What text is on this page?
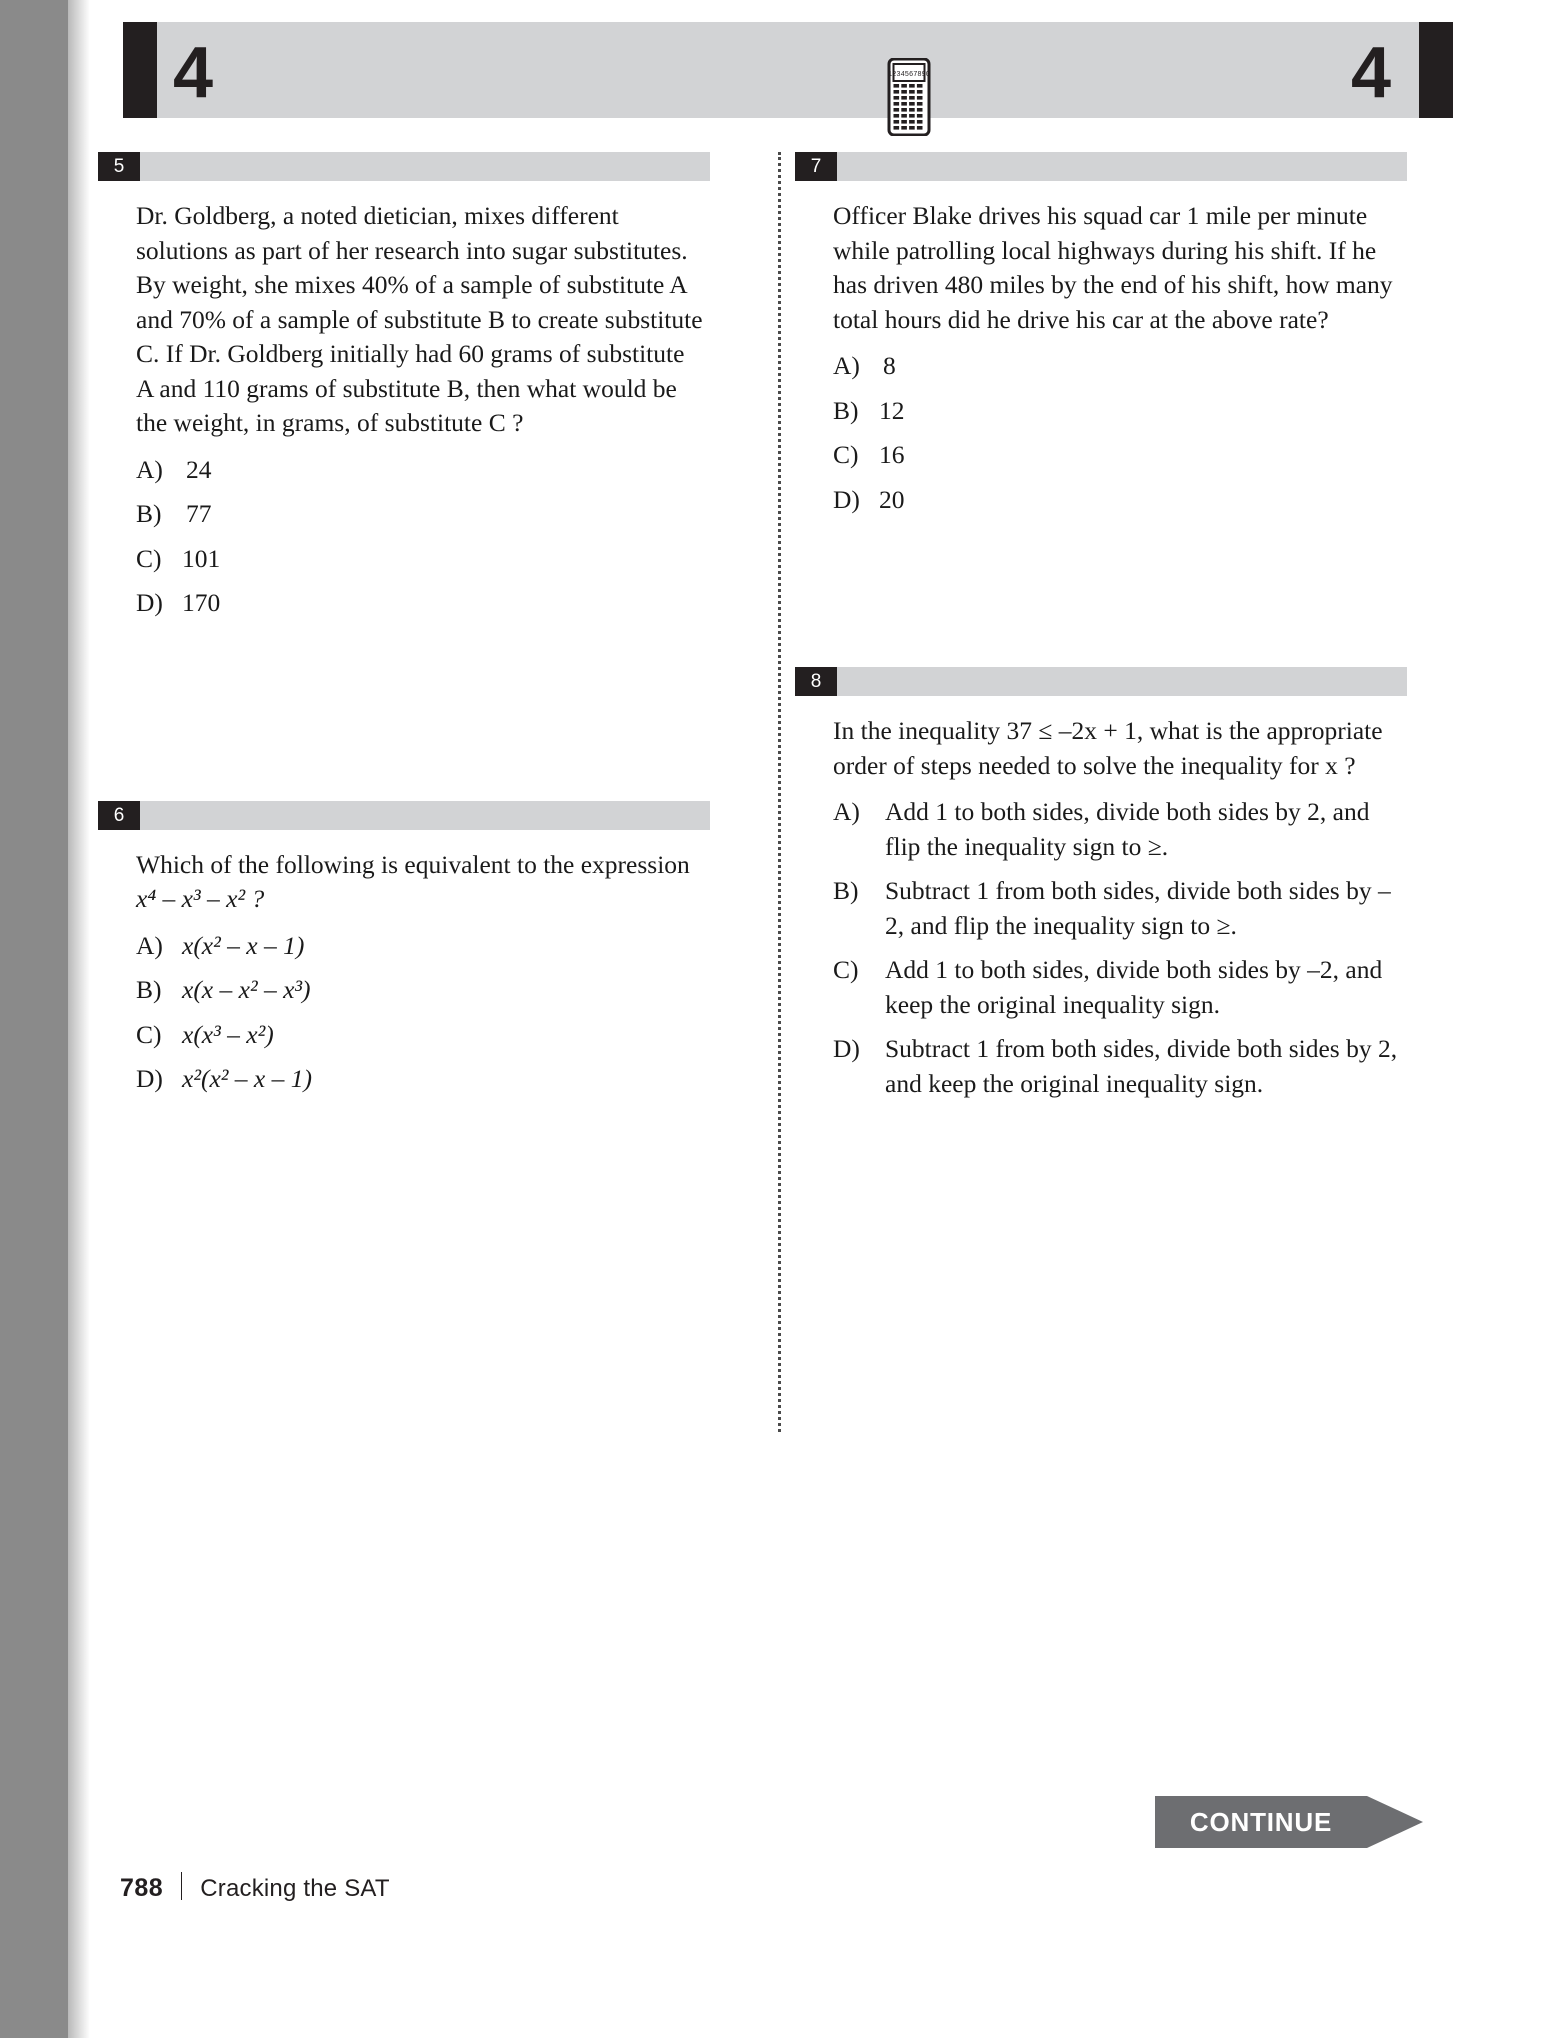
4	4
1234567890
5

Dr. Goldberg, a noted dietician, mixes different solutions as part of her research into sugar substitutes. By weight, she mixes 40% of a sample of substitute A and 70% of a sample of substitute B to create substitute C. If Dr. Goldberg initially had 60 grams of substitute A and 110 grams of substitute B, then what would be the weight, in grams, of substitute C ?

A) 24
B) 77
C) 101
D) 170
6

Which of the following is equivalent to the expression
x⁴ – x³ – x² ?

A) x(x² – x – 1)
B) x(x – x² – x³)
C) x(x³ – x²)
D) x²(x² – x – 1)
7

Officer Blake drives his squad car 1 mile per minute while patrolling local highways during his shift. If he has driven 480 miles by the end of his shift, how many total hours did he drive his car at the above rate?

A) 8
B) 12
C) 16
D) 20
8

In the inequality 37 ≤ –2x + 1, what is the appropriate order of steps needed to solve the inequality for x ?

A) Add 1 to both sides, divide both sides by 2, and flip the inequality sign to ≥.
B)	Subtract 1 from both sides, divide both sides by –2, and flip the inequality sign to ≥.
C)	Add 1 to both sides, divide both sides by –2, and keep the original inequality sign.
D) Subtract 1 from both sides, divide both sides by 2, and keep the original inequality sign.
CONTINUE
788 Cracking the SAT
